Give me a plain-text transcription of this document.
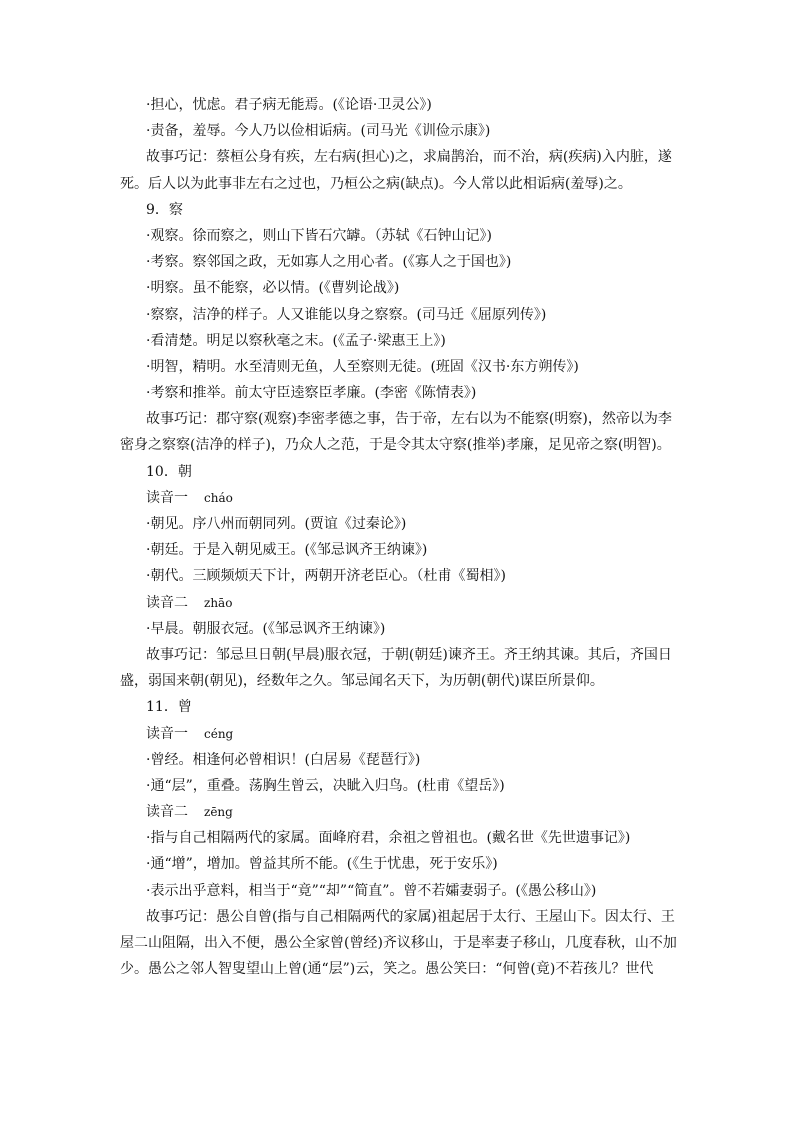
·担心，忧虑。君子病无能焉。(《论语·卫灵公》)
·责备，羞辱。今人乃以俭相诟病。(司马光《训俭示康》)
故事巧记：蔡桓公身有疾，左右病(担心)之，求扁鹊治，而不治，病(疾病)入内脏，遂
死。后人以为此事非左右之过也，乃桓公之病(缺点)。今人常以此相诟病(羞辱)之。
9．察
·观察。徐而察之，则山下皆石穴罅。（苏轼《石钟山记》)
·考察。察邻国之政，无如寡人之用心者。(《寡人之于国也》)
·明察。虽不能察，必以情。(《曹刿论战》)
·察察，洁净的样子。人又谁能以身之察察。(司马迁《屈原列传》)
·看清楚。明足以察秋毫之末。(《孟子·梁惠王上》)
·明智，精明。水至清则无鱼，人至察则无徒。(班固《汉书·东方朔传》)
·考察和推举。前太守臣逵察臣孝廉。(李密《陈情表》)
故事巧记：郡守察(观察)李密孝德之事，告于帝，左右以为不能察(明察)，然帝以为李
密身之察察(洁净的样子)，乃众人之范，于是令其太守察(推举)孝廉，足见帝之察(明智)。
10．朝
读音一 cháo
·朝见。序八州而朝同列。(贾谊《过秦论》)
·朝廷。于是入朝见威王。(《邹忌讽齐王纳谏》)
·朝代。三顾频烦天下计，两朝开济老臣心。（杜甫《蜀相》)
读音二 zhāo
·早晨。朝服衣冠。(《邹忌讽齐王纳谏》)
故事巧记：邹忌旦日朝(早晨)服衣冠，于朝(朝廷)谏齐王。齐王纳其谏。其后，齐国日
盛，弱国来朝(朝见)，经数年之久。邹忌闻名天下，为历朝(朝代)谋臣所景仰。
11．曾
读音一 céng
·曾经。相逢何必曾相识！(白居易《琵琶行》)
·通“层”，重叠。荡胸生曾云，决眦入归鸟。(杜甫《望岳》)
读音二 zēng
·指与自己相隔两代的家属。面峰府君，余祖之曾祖也。(戴名世《先世遗事记》)
·通“增”，增加。曾益其所不能。(《生于忧患，死于安乐》)
·表示出乎意料，相当于“竟”“却”“简直”。曾不若孀妻弱子。(《愚公移山》)
故事巧记：愚公自曾(指与自己相隔两代的家属)祖起居于太行、王屋山下。因太行、王
屋二山阻隔，出入不便，愚公全家曾(曾经)齐议移山，于是率妻子移山，几度春秋，山不加
少。愚公之邻人智叟望山上曾(通“层”)云，笑之。愚公笑曰：“何曾(竟)不若孩儿？世代
